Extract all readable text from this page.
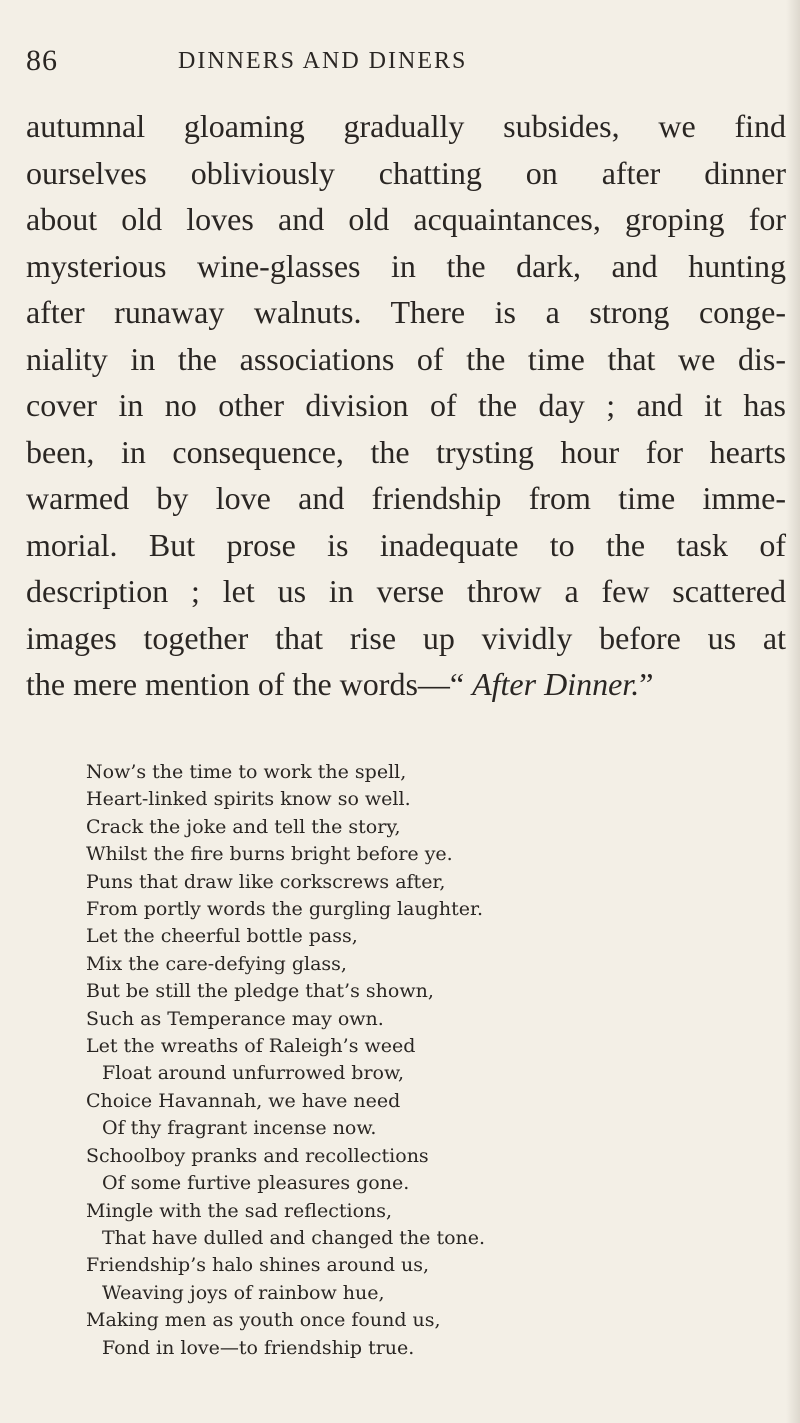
86	DINNERS AND DINERS
autumnal gloaming gradually subsides, we find
ourselves obliviously chatting on after dinner
about old loves and old acquaintances, groping for
mysterious wine-glasses in the dark, and hunting
after runaway walnuts. There is a strong conge-
niality in the associations of the time that we dis-
cover in no other division of the day ; and it has
been, in consequence, the trysting hour for hearts
warmed by love and friendship from time imme-
morial. But prose is inadequate to the task of
description ; let us in verse throw a few scattered
images together that rise up vividly before us at
the mere mention of the words—“ After Dinner.”
Now’s the time to work the spell,
Heart-linked spirits know so well.
Crack the joke and tell the story,
Whilst the fire burns bright before ye.
Puns that draw like corkscrews after,
From portly words the gurgling laughter.
Let the cheerful bottle pass,
Mix the care-defying glass,
But be still the pledge that’s shown,
Such as Temperance may own.
Let the wreaths of Raleigh’s weed
Float around unfurrowed brow,
Choice Havannah, we have need
Of thy fragrant incense now.
Schoolboy pranks and recollections
Of some furtive pleasures gone.
Mingle with the sad reflections,
That have dulled and changed the tone.
Friendship’s halo shines around us,
Weaving joys of rainbow hue,
Making men as youth once found us,
Fond in love—to friendship true.
